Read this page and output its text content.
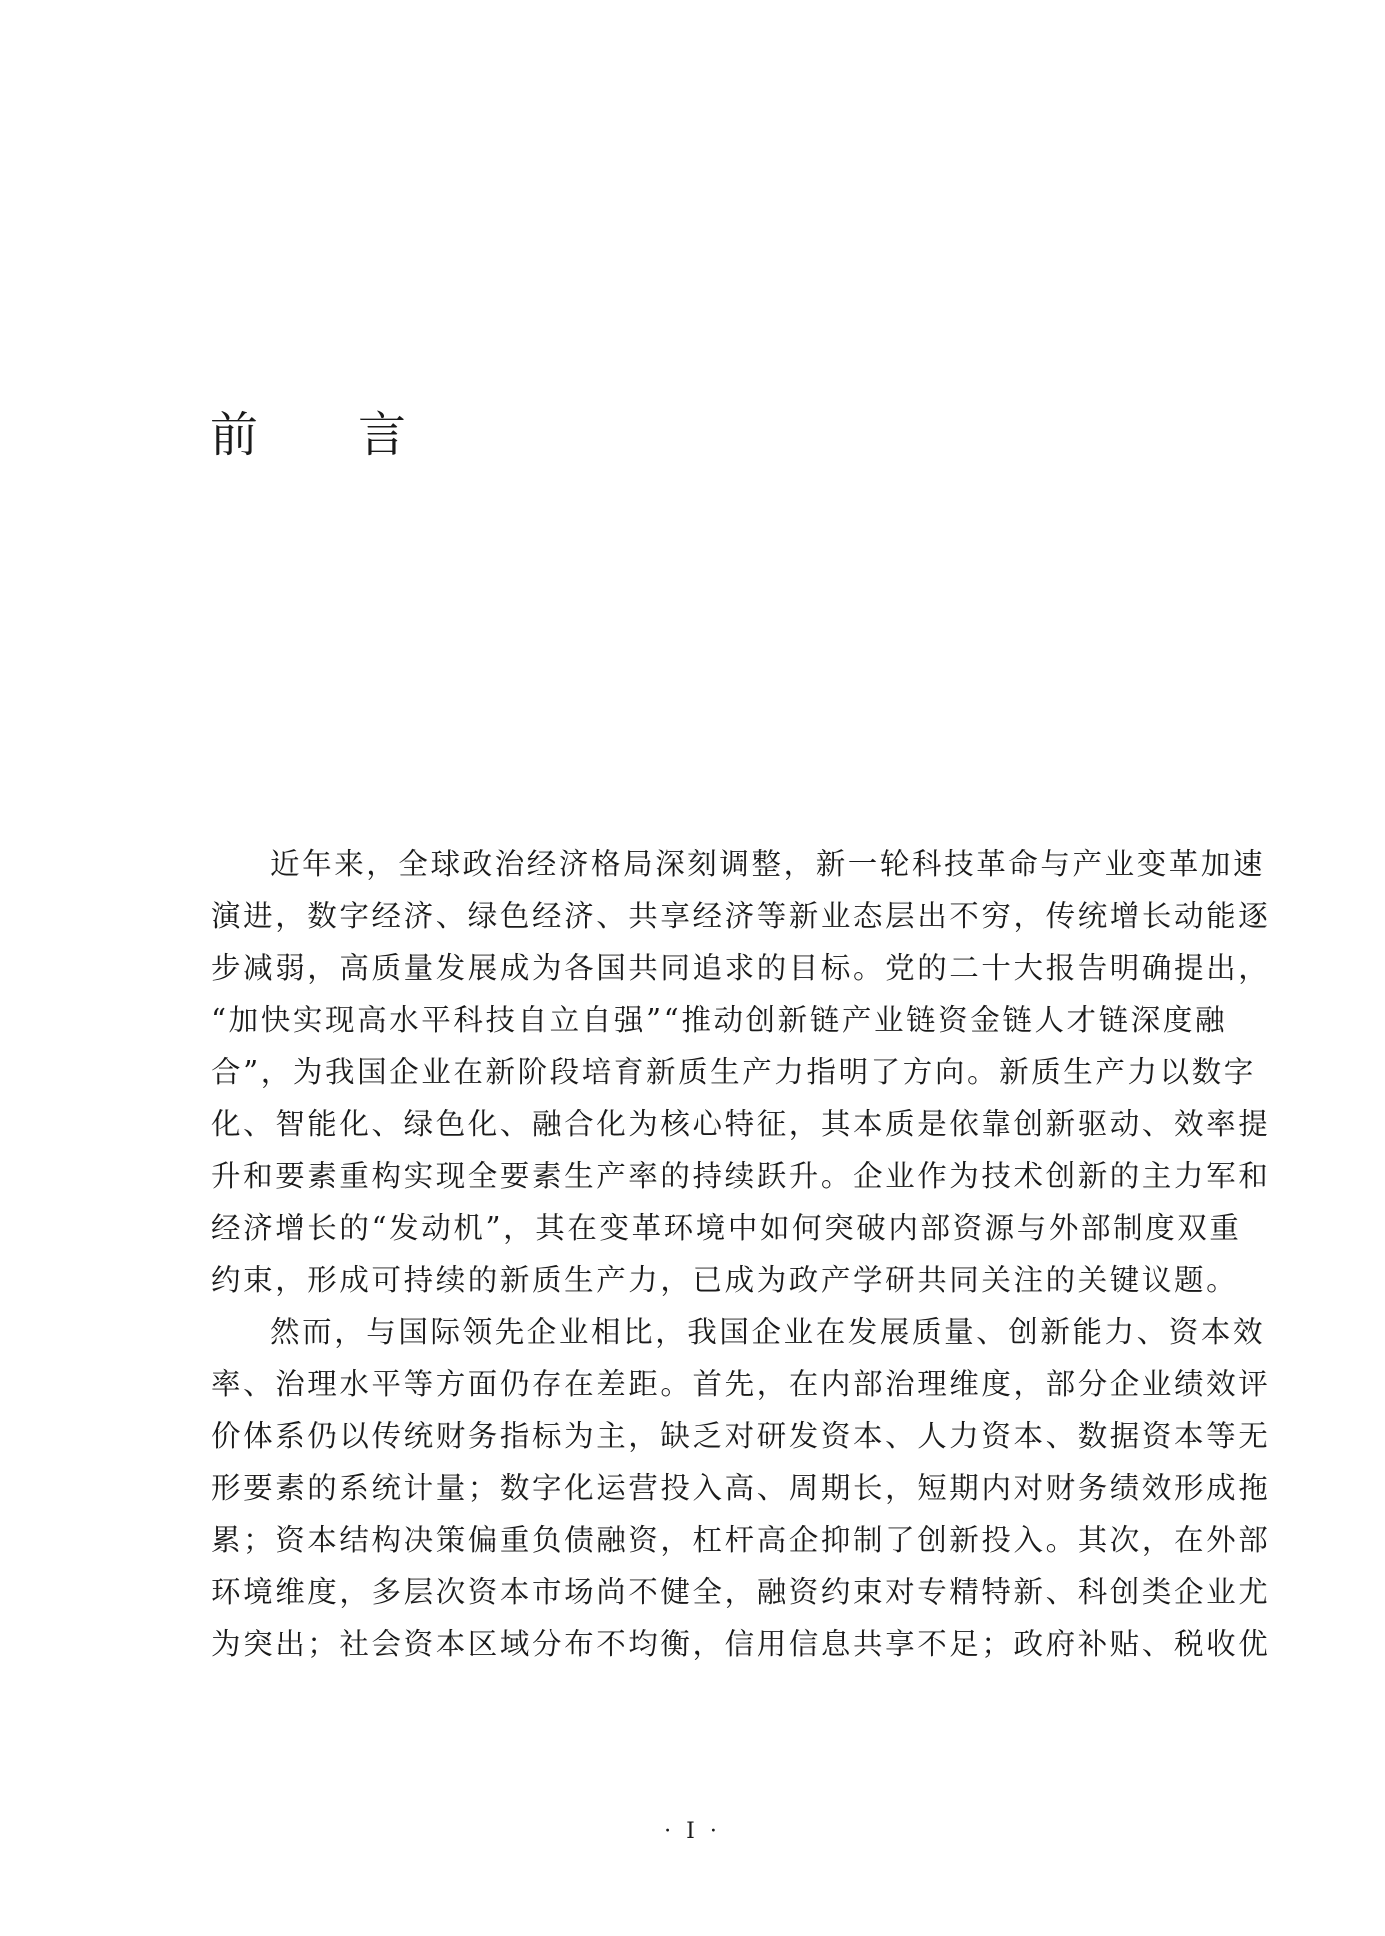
前 言
近年来，全球政治经济格局深刻调整，新一轮科技革命与产业变革加速
演进，数字经济、绿色经济、共享经济等新业态层出不穷，传统增长动能逐
步减弱，高质量发展成为各国共同追求的目标。党的二十大报告明确提出，
“加快实现高水平科技自立自强”“推动创新链产业链资金链人才链深度融
合”，为我国企业在新阶段培育新质生产力指明了方向。新质生产力以数字
化、智能化、绿色化、融合化为核心特征，其本质是依靠创新驱动、效率提
升和要素重构实现全要素生产率的持续跃升。企业作为技术创新的主力军和
经济增长的“发动机”，其在变革环境中如何突破内部资源与外部制度双重
约束，形成可持续的新质生产力，已成为政产学研共同关注的关键议题。
然而，与国际领先企业相比，我国企业在发展质量、创新能力、资本效
率、治理水平等方面仍存在差距。首先，在内部治理维度，部分企业绩效评
价体系仍以传统财务指标为主，缺乏对研发资本、人力资本、数据资本等无
形要素的系统计量；数字化运营投入高、周期长，短期内对财务绩效形成拖
累；资本结构决策偏重负债融资，杠杆高企抑制了创新投入。其次，在外部
环境维度，多层次资本市场尚不健全，融资约束对专精特新、科创类企业尤
为突出；社会资本区域分布不均衡，信用信息共享不足；政府补贴、税收优
· I ·
